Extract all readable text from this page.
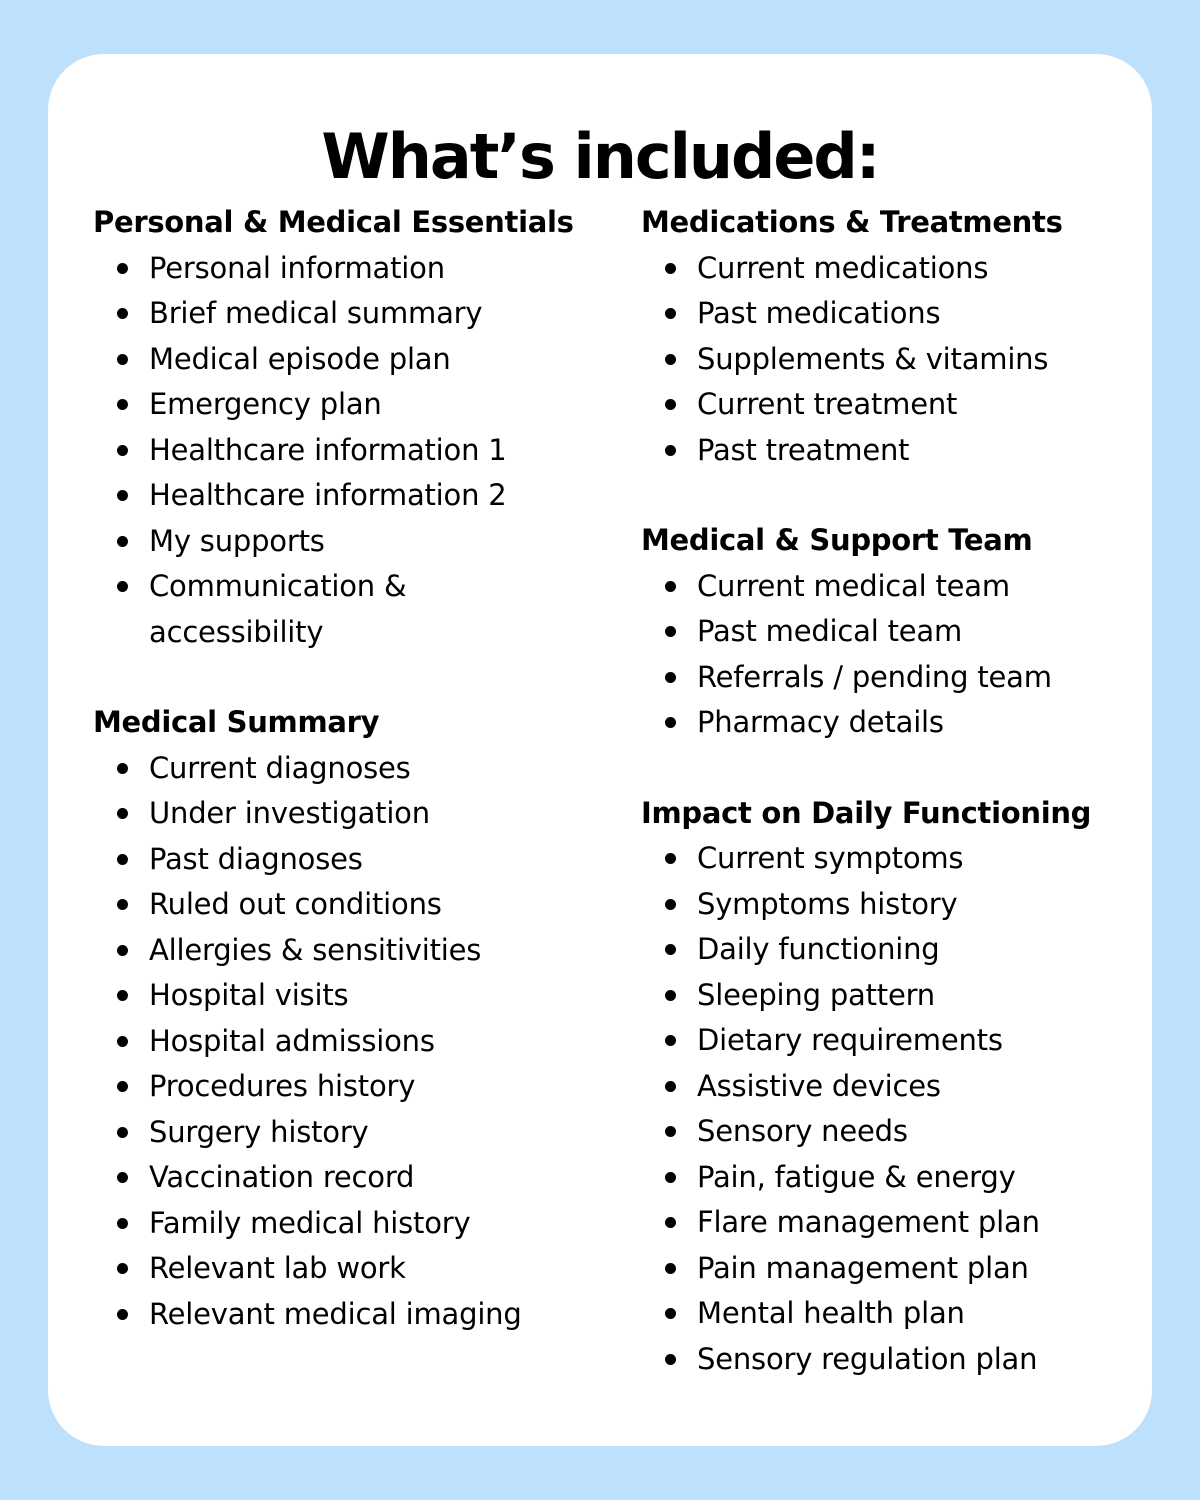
What’s included:
Personal & Medical Essentials
Personal information
Brief medical summary
Medical episode plan
Emergency plan
Healthcare information 1
Healthcare information 2
My supports
Communication & accessibility
Medical Summary
Current diagnoses
Under investigation
Past diagnoses
Ruled out conditions
Allergies & sensitivities
Hospital visits
Hospital admissions
Procedures history
Surgery history
Vaccination record
Family medical history
Relevant lab work
Relevant medical imaging
Medications & Treatments
Current medications
Past medications
Supplements & vitamins
Current treatment
Past treatment
Medical & Support Team
Current medical team
Past medical team
Referrals / pending team
Pharmacy details
Impact on Daily Functioning
Current symptoms
Symptoms history
Daily functioning
Sleeping pattern
Dietary requirements
Assistive devices
Sensory needs
Pain, fatigue & energy
Flare management plan
Pain management plan
Mental health plan
Sensory regulation plan
